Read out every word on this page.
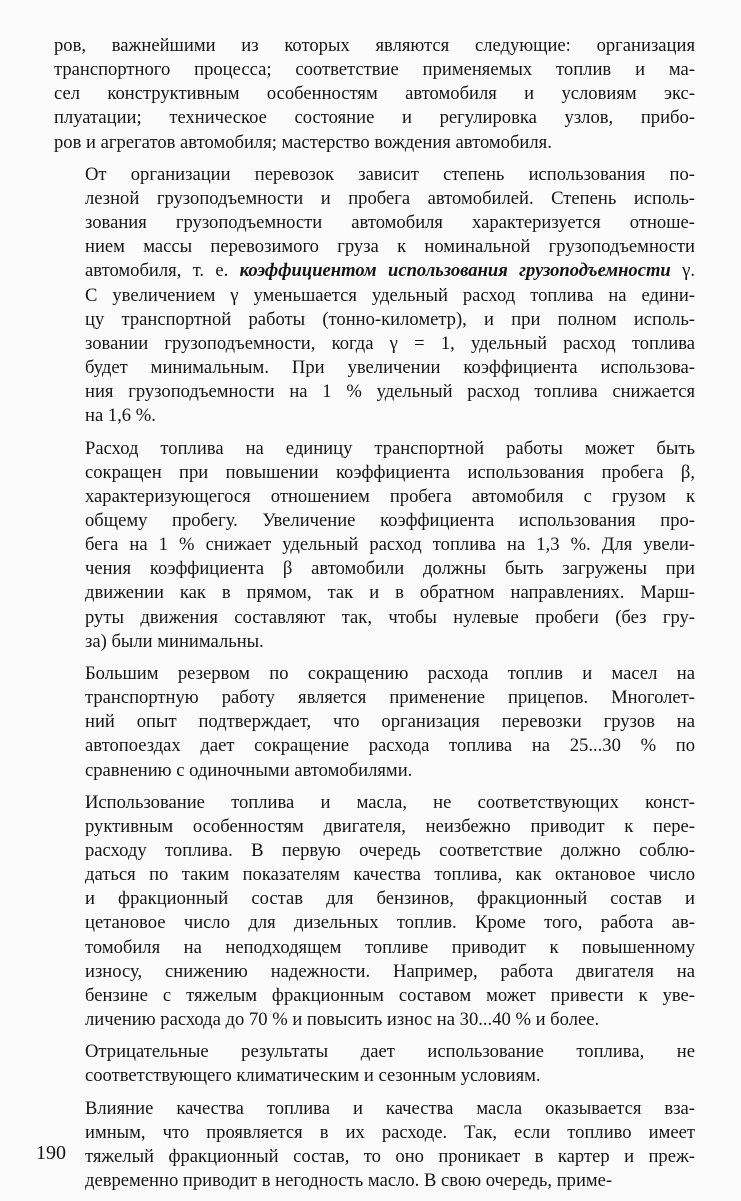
ров, важнейшими из которых являются следующие: организация
транспортного процесса; соответствие применяемых топлив и ма-
сел конструктивным особенностям автомобиля и условиям экс-
плуатации; техническое состояние и регулировка узлов, прибо-
ров и агрегатов автомобиля; мастерство вождения автомобиля.
От организации перевозок зависит степень использования по-
лезной грузоподъемности и пробега автомобилей. Степень исполь-
зования грузоподъемности автомобиля характеризуется отноше-
нием массы перевозимого груза к номинальной грузоподъемности
автомобиля, т. е. коэффициентом использования грузоподъемности γ.
С увеличением γ уменьшается удельный расход топлива на едини-
цу транспортной работы (тонно-километр), и при полном исполь-
зовании грузоподъемности, когда γ = 1, удельный расход топлива
будет минимальным. При увеличении коэффициента использова-
ния грузоподъемности на 1 % удельный расход топлива снижается
на 1,6 %.
Расход топлива на единицу транспортной работы может быть
сокращен при повышении коэффициента использования пробега β,
характеризующегося отношением пробега автомобиля с грузом к
общему пробегу. Увеличение коэффициента использования про-
бега на 1 % снижает удельный расход топлива на 1,3 %. Для увели-
чения коэффициента β автомобили должны быть загружены при
движении как в прямом, так и в обратном направлениях. Марш-
руты движения составляют так, чтобы нулевые пробеги (без гру-
за) были минимальны.
Большим резервом по сокращению расхода топлив и масел на
транспортную работу является применение прицепов. Многолет-
ний опыт подтверждает, что организация перевозки грузов на
автопоездах дает сокращение расхода топлива на 25...30 % по
сравнению с одиночными автомобилями.
Использование топлива и масла, не соответствующих конст-
руктивным особенностям двигателя, неизбежно приводит к пере-
расходу топлива. В первую очередь соответствие должно соблю-
даться по таким показателям качества топлива, как октановое число
и фракционный состав для бензинов, фракционный состав и
цетановое число для дизельных топлив. Кроме того, работа ав-
томобиля на неподходящем топливе приводит к повышенному
износу, снижению надежности. Например, работа двигателя на
бензине с тяжелым фракционным составом может привести к уве-
личению расхода до 70 % и повысить износ на 30...40 % и более.
Отрицательные результаты дает использование топлива, не
соответствующего климатическим и сезонным условиям.
Влияние качества топлива и качества масла оказывается вза-
имным, что проявляется в их расходе. Так, если топливо имеет
тяжелый фракционный состав, то оно проникает в картер и преж-
девременно приводит в негодность масло. В свою очередь, приме-
190
